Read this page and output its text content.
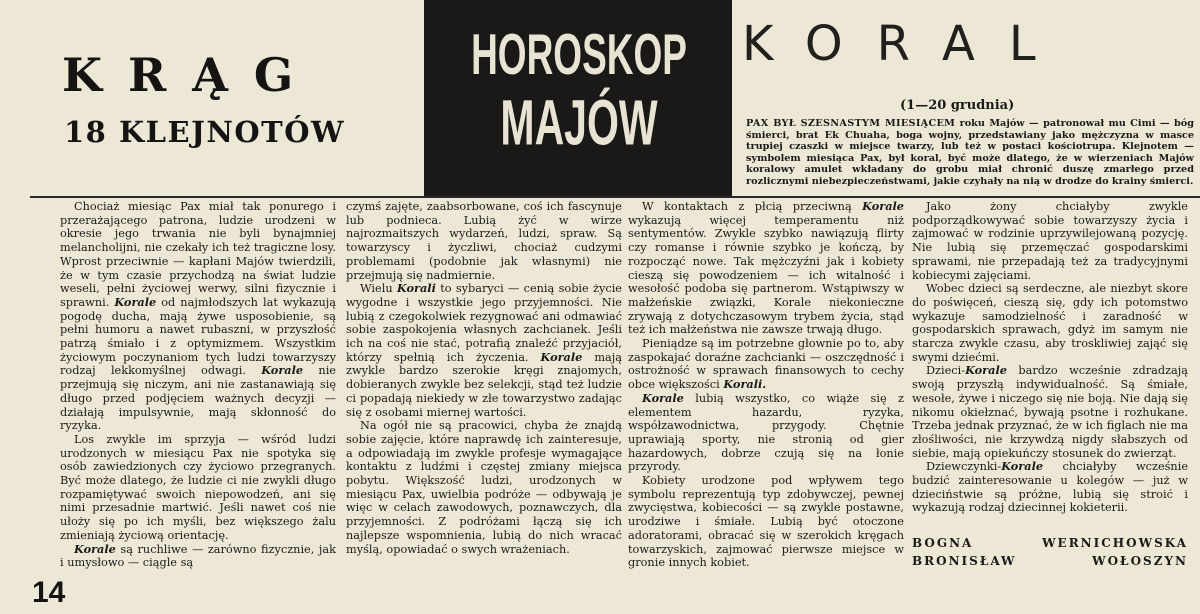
KRĄG
18 KLEJNOTÓW
HOROSKOP
MAJÓW
KORAL
(1—20 grudnia)
PAX BYŁ SZESNASTYM MIESIĄCEM roku Majów — patronował mu Cimi — bóg śmierci, brat Ek Chuaha, boga wojny, przedstawiany jako mężczyzna w masce trupiej czaszki w miejsce twarzy, lub też w postaci kościotrupa. Klejnotem — symbolem miesiąca Pax, był koral, być może dlatego, że w wierzeniach Majów koralowy amulet wkładany do grobu miał chronić duszę zmarłego przed rozlicznymi niebezpieczeństwami, jakie czyhały na nią w drodze do krainy śmierci.

Chociaż miesiąc Pax miał tak ponurego i przerażającego patrona, ludzie urodzeni w okresie jego trwania nie byli bynajmniej melancholijni, nie czekały ich też tragiczne losy. Wprost przeciwnie — kapłani Majów twierdzili, że w tym czasie przychodzą na świat ludzie weseli, pełni życiowej werwy, silni fizycznie i sprawni. Korale od najmłodszych lat wykazują pogodę ducha, mają żywe usposobienie, są pełni humoru a nawet rubaszni, w przyszłość patrzą śmiało i z optymizmem. Wszystkim życiowym poczynaniom tych ludzi towarzyszy rodzaj lekkomyślnej odwagi. Korale nie przejmują się niczym, ani nie zastanawiają się długo przed podjęciem ważnych decyzji — działają impulsywnie, mają skłonność do ryzyka.

Los zwykle im sprzyja — wśród ludzi urodzonych w miesiącu Pax nie spotyka się osób zawiedzionych czy życiowo przegranych. Być może dlatego, że ludzie ci nie zwykli długo rozpamiętywać swoich niepowodzeń, ani się nimi przesadnie martwić. Jeśli nawet coś nie ułoży się po ich myśli, bez większego żalu zmieniają życiową orientację.

Korale są ruchliwe — zarówno fizycznie, jak i umysłowo — ciągle są

czymś zajęte, zaabsorbowane, coś ich fascynuje lub podnieca. Lubią żyć w wirze najrozmaitszych wydarzeń, ludzi, spraw. Są towarzyscy i życzliwi, chociaż cudzymi problemami (podobnie jak własnymi) nie przejmują się nadmiernie.

Wielu Korali to sybaryci — cenią sobie życie wygodne i wszystkie jego przyjemności. Nie lubią z czegokolwiek rezygnować ani odmawiać sobie zaspokojenia własnych zachcianek. Jeśli ich na coś nie stać, potrafią znaleźć przyjaciół, którzy spełnią ich życzenia. Korale mają zwykle bardzo szerokie kręgi znajomych, dobieranych zwykle bez selekcji, stąd też ludzie ci popadają niekiedy w złe towarzystwo zadając się z osobami miernej wartości.

Na ogół nie są pracowici, chyba że znajdą sobie zajęcie, które naprawdę ich zainteresuje, a odpowiadają im zwykle profesje wymagające kontaktu z ludźmi i częstej zmiany miejsca pobytu. Większość ludzi, urodzonych w miesiącu Pax, uwielbia podróże — odbywają je więc w celach zawodowych, poznawczych, dla przyjemności. Z podróżami łączą się ich najlepsze wspomnienia, lubią do nich wracać myślą, opowiadać o swych wrażeniach.

W kontaktach z płcią przeciwną Korale wykazują więcej temperamentu niż sentymentów. Zwykle szybko nawiązują flirty czy romanse i równie szybko je kończą, by rozpocząć nowe. Tak mężczyźni jak i kobiety cieszą się powodzeniem — ich witalność i wesołość podoba się partnerom. Wstąpiwszy w małżeńskie związki, Korale niekonieczne zrywają z dotychczasowym trybem życia, stąd też ich małżeństwa nie zawsze trwają długo.

Pieniądze są im potrzebne głownie po to, aby zaspokajać doraźne zachcianki — oszczędność i ostrożność w sprawach finansowych to cechy obce większości Korali.

Korale lubią wszystko, co wiąże się z elementem hazardu, ryzyka, współzawodnictwa, przygody. Chętnie uprawiają sporty, nie stronią od gier hazardowych, dobrze czują się na łonie przyrody.

Kobiety urodzone pod wpływem tego symbolu reprezentują typ zdobywczej, pewnej zwycięstwa, kobiecości — są zwykle postawne, urodziwe i śmiałe. Lubią być otoczone adoratorami, obracać się w szerokich kręgach towarzyskich, zajmować pierwsze miejsce w gronie innych kobiet.

Jako żony chciałyby zwykle podporządkowywać sobie towarzyszy życia i zajmować w rodzinie uprzywilejowaną pozycję. Nie lubią się przemęczać gospodarskimi sprawami, nie przepadają też za tradycyjnymi kobiecymi zajęciami.

Wobec dzieci są serdeczne, ale niezbyt skore do poświęceń, cieszą się, gdy ich potomstwo wykazuje samodzielność i zaradność w gospodarskich sprawach, gdyż im samym nie starcza zwykle czasu, aby troskliwiej zająć się swymi dziećmi.

Dzieci-Korale bardzo wcześnie zdradzają swoją przyszłą indywidualność. Są śmiałe, wesołe, żywe i niczego się nie boją. Nie dają się nikomu okiełznać, bywają psotne i rozhukane. Trzeba jednak przyznać, że w ich figlach nie ma złośliwości, nie krzywdzą nigdy słabszych od siebie, mają opiekuńczy stosunek do zwierząt.

Dziewczynki-Korale chciałyby wcześnie budzić zainteresowanie u kolegów — już w dzieciństwie są próżne, lubią się stroić i wykazują rodzaj dziecinnej kokieterii.

BOGNA	WERNICHOWSKA
BRONISŁAW	WOŁOSZYN
14
